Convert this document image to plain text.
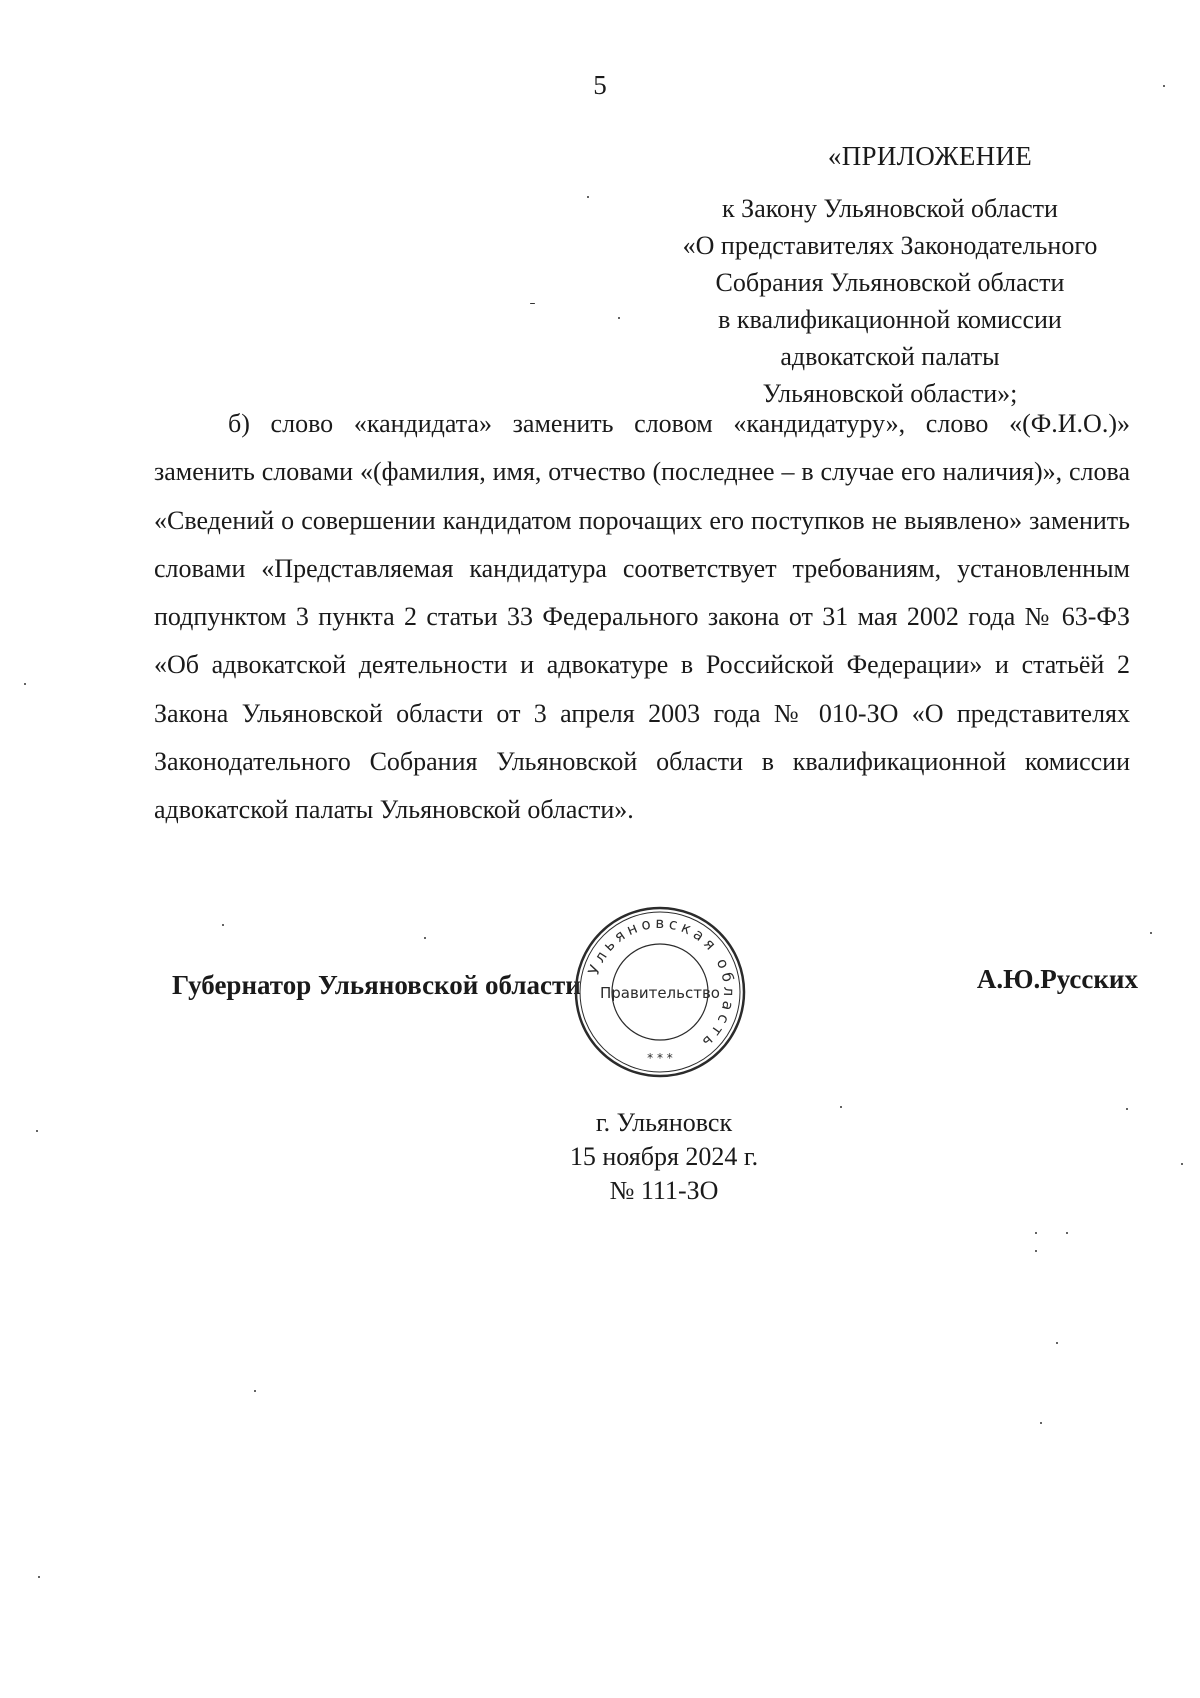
5
«ПРИЛОЖЕНИЕ
к Закону Ульяновской области
«О представителях Законодательного
Собрания Ульяновской области
в квалификационной комиссии
адвокатской палаты
Ульяновской области»;

б) слово «кандидата» заменить словом «кандидатуру», слово «(Ф.И.О.)» заменить словами «(фамилия, имя, отчество (последнее – в случае его наличия)», слова «Сведений о совершении кандидатом порочащих его поступков не выявлено» заменить словами «Представляемая кандидатура соответствует требованиям, установленным подпунктом 3 пункта 2 статьи 33 Федерального закона от 31 мая 2002 года № 63-ФЗ «Об адвокатской деятельности и адвокатуре в Российской Федерации» и статьёй 2 Закона Ульяновской области от 3 апреля 2003 года № 010-ЗО «О представителях Законодательного Собрания Ульяновской области в квалификационной комиссии адвокатской палаты Ульяновской области».

Губернатор Ульяновской области	А.Ю.Русских
Ульяновская область
Правительство
* * *
г. Ульяновск
15 ноября 2024 г.
№ 111-ЗО
